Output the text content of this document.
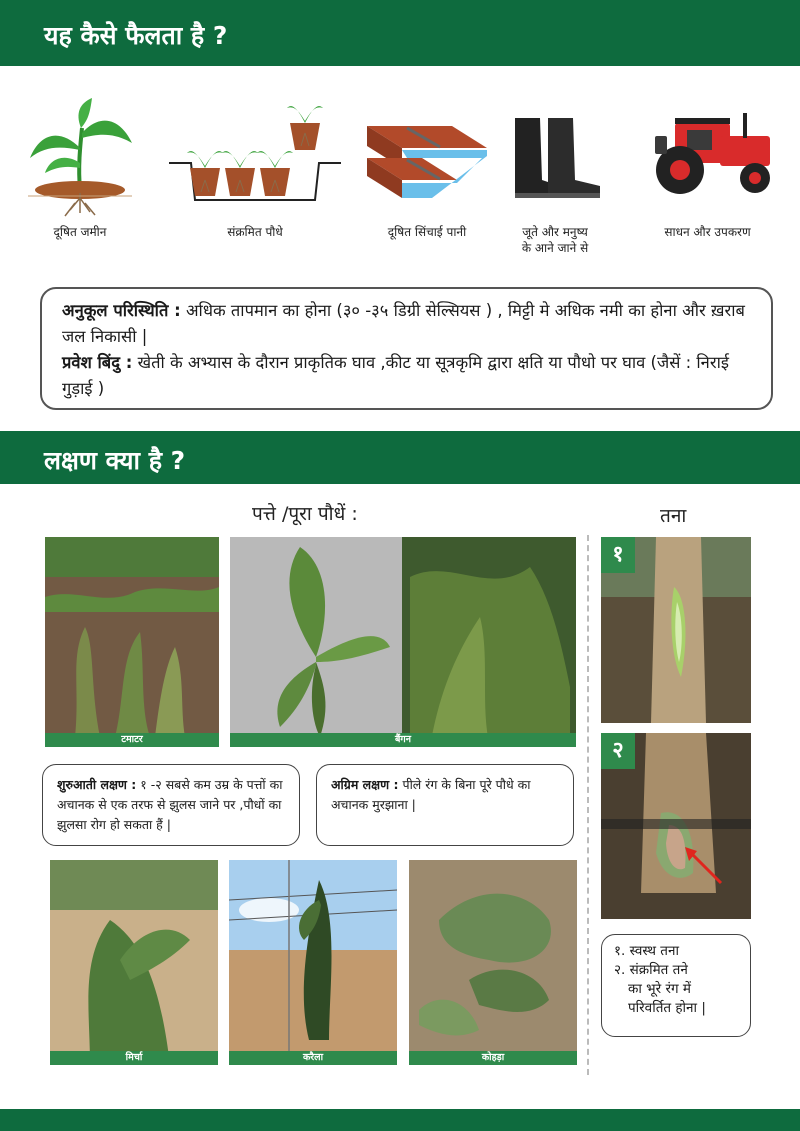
यह कैसे फैलता है ?
दूषित जमीन	संक्रमित पौधे	दूषित सिंचाई पानी	जूते और मनुष्य
के आने जाने से
साधन और उपकरण
अनुकूल परिस्थिति : अधिक तापमान का होना (३० -३५ डिग्री सेल्सियस ) , मिट्टी मे अधिक नमी का होना और ख़राब जल निकासी |
प्रवेश बिंदु : खेती के अभ्यास के दौरान प्राकृतिक घाव ,कीट या सूत्रकृमि द्वारा क्षति या पौधो पर घाव (जैसें : निराई गुड़ाई )
लक्षण क्या है ?
पत्ते /पूरा पौधें :	तना
टमाटर	बैंगन
शुरुआती लक्षण : १ -२ सबसे कम उम्र के पत्तों का अचानक से एक तरफ से झुलस जाने पर ,पौधों का झुलसा रोग हो सकता हैं |
अग्रिम लक्षण : पीले रंग के बिना पूरे पौधे का अचानक मुरझाना |
मिर्चा	करैला	कोहड़ा
१
२
१. स्वस्थ तना
२. संक्रमित तने
का भूरे रंग में
परिवर्तित होना |
